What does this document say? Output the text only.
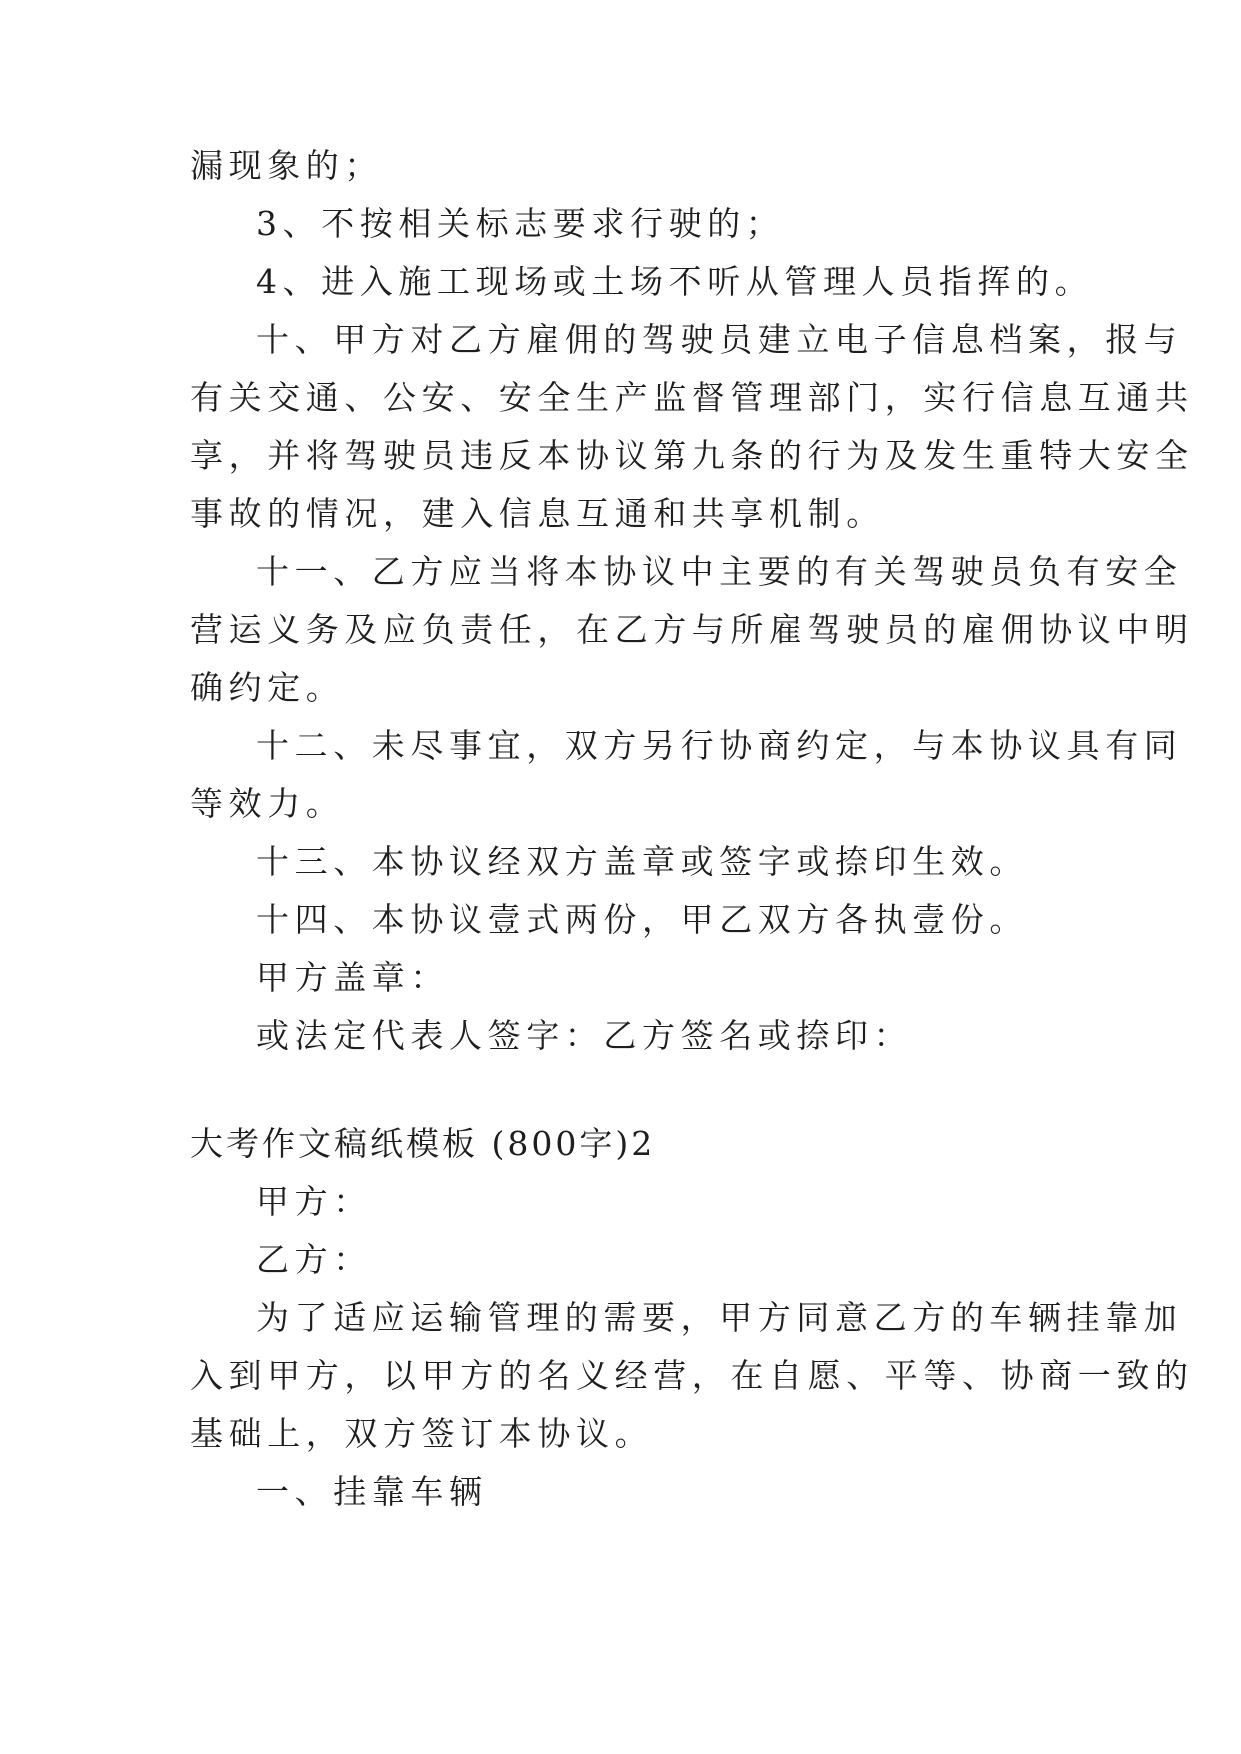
漏现象的；
3、不按相关标志要求行驶的；
4、进入施工现场或土场不听从管理人员指挥的。
十、甲方对乙方雇佣的驾驶员建立电子信息档案，报与
有关交通、公安、安全生产监督管理部门，实行信息互通共
享，并将驾驶员违反本协议第九条的行为及发生重特大安全
事故的情况，建入信息互通和共享机制。
十一、乙方应当将本协议中主要的有关驾驶员负有安全
营运义务及应负责任，在乙方与所雇驾驶员的雇佣协议中明
确约定。
十二、未尽事宜，双方另行协商约定，与本协议具有同
等效力。
十三、本协议经双方盖章或签字或捺印生效。
十四、本协议壹式两份，甲乙双方各执壹份。
甲方盖章：
或法定代表人签字：乙方签名或捺印：
大考作文稿纸模板 (800字)2
甲方：
乙方：
为了适应运输管理的需要，甲方同意乙方的车辆挂靠加
入到甲方，以甲方的名义经营，在自愿、平等、协商一致的
基础上，双方签订本协议。
一、挂靠车辆
